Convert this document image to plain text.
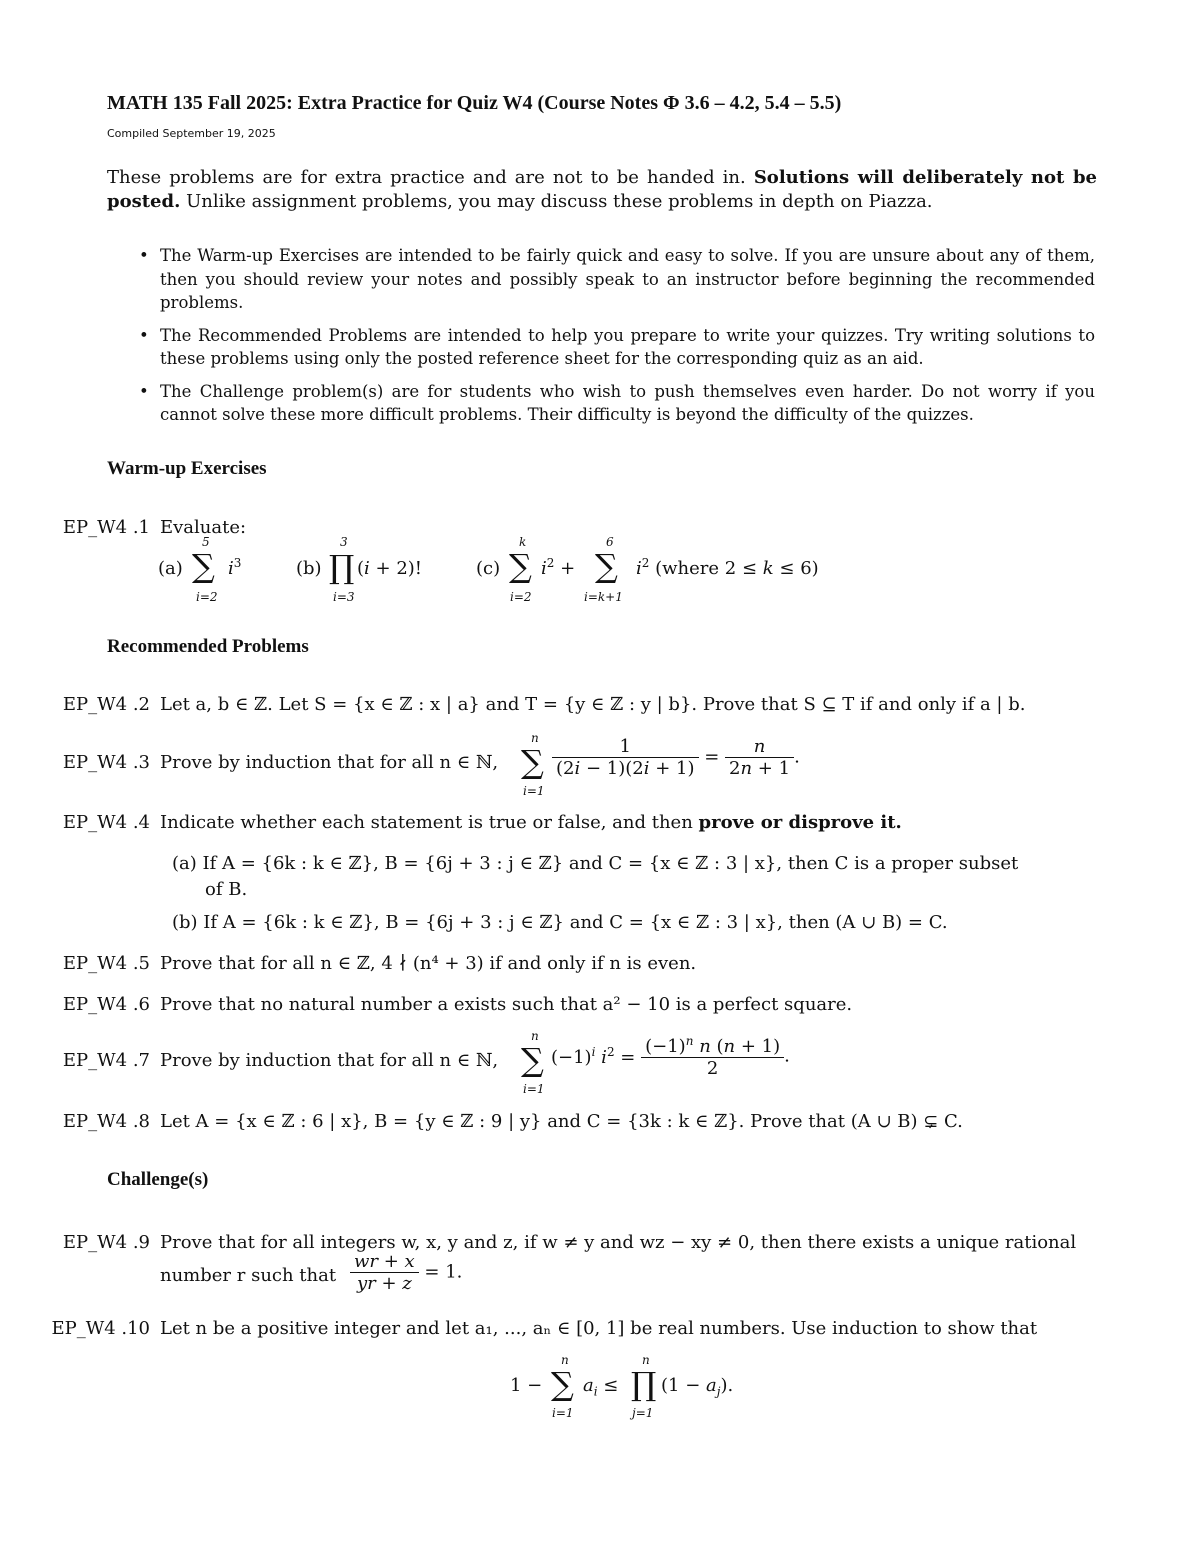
MATH 135 Fall 2025: Extra Practice for Quiz W4 (Course Notes Φ 3.6 – 4.2, 5.4 – 5.5)
Compiled September 19, 2025
These problems are for extra practice and are not to be handed in. Solutions will deliberately not be posted. Unlike assignment problems, you may discuss these problems in depth on Piazza.
• The Warm-up Exercises are intended to be fairly quick and easy to solve. If you are unsure about any of them, then you should review your notes and possibly speak to an instructor before beginning the recommended problems.
• The Recommended Problems are intended to help you prepare to write your quizzes. Try writing solutions to these problems using only the posted reference sheet for the corresponding quiz as an aid.
• The Challenge problem(s) are for students who wish to push themselves even harder. Do not worry if you cannot solve these more difficult problems. Their difficulty is beyond the difficulty of the quizzes.
Warm-up Exercises
EP_W4 .1 Evaluate:
(a)
5
∑
i=2
$i^3$	(b)
3
∏
i=3
(i + 2)!	(c)
k
∑
i=2
$i^2$ +
6
∑
i=k+1
$i^2$ (where 2 ≤ k ≤ 6)
Recommended Problems
EP_W4 .2 Let a, b ∈ ℤ. Let S = {x ∈ ℤ : x | a} and T = {y ∈ ℤ : y | b}. Prove that S ⊆ T if and only if a | b.
EP_W4 .3 Prove by induction that for all n ∈ ℕ,
n
∑
i=1
$\frac{1}{(2i - 1)(2i + 1)} = \frac{n}{2n + 1}$ .
EP_W4 .4 Indicate whether each statement is true or false, and then prove or disprove it.
(a) If A = {6k : k ∈ ℤ}, B = {6j + 3 : j ∈ ℤ} and C = {x ∈ ℤ : 3 | x}, then C is a proper subset
of B.
(b) If A = {6k : k ∈ ℤ}, B = {6j + 3 : j ∈ ℤ} and C = {x ∈ ℤ : 3 | x}, then (A ∪ B) = C.
EP_W4 .5 Prove that for all n ∈ ℤ, 4 ∤ (n⁴ + 3) if and only if n is even.
EP_W4 .6 Prove that no natural number a exists such that a² − 10 is a perfect square.
EP_W4 .7 Prove by induction that for all n ∈ ℕ,
n
∑
i=1
$(-1)^i$ $i^2 = \frac{(-1)^n n (n + 1)}{2}$ .
EP_W4 .8 Let A = {x ∈ ℤ : 6 | x}, B = {y ∈ ℤ : 9 | y} and C = {3k : k ∈ ℤ}. Prove that (A ∪ B) ⊊ C.
Challenge(s)
EP_W4 .9 Prove that for all integers w, x, y and z, if w ≠ y and wz − xy ≠ 0, then there exists a unique rational
number r such that $\frac{wr + x}{yr + z} = 1$.
EP_W4 .10 Let n be a positive integer and let a₁, ..., aₙ ∈ [0, 1] be real numbers. Use induction to show that
1 −
n
∑
i=1
$a_i$ ≤
n
∏
j=1
$(1 - a_j)$.
